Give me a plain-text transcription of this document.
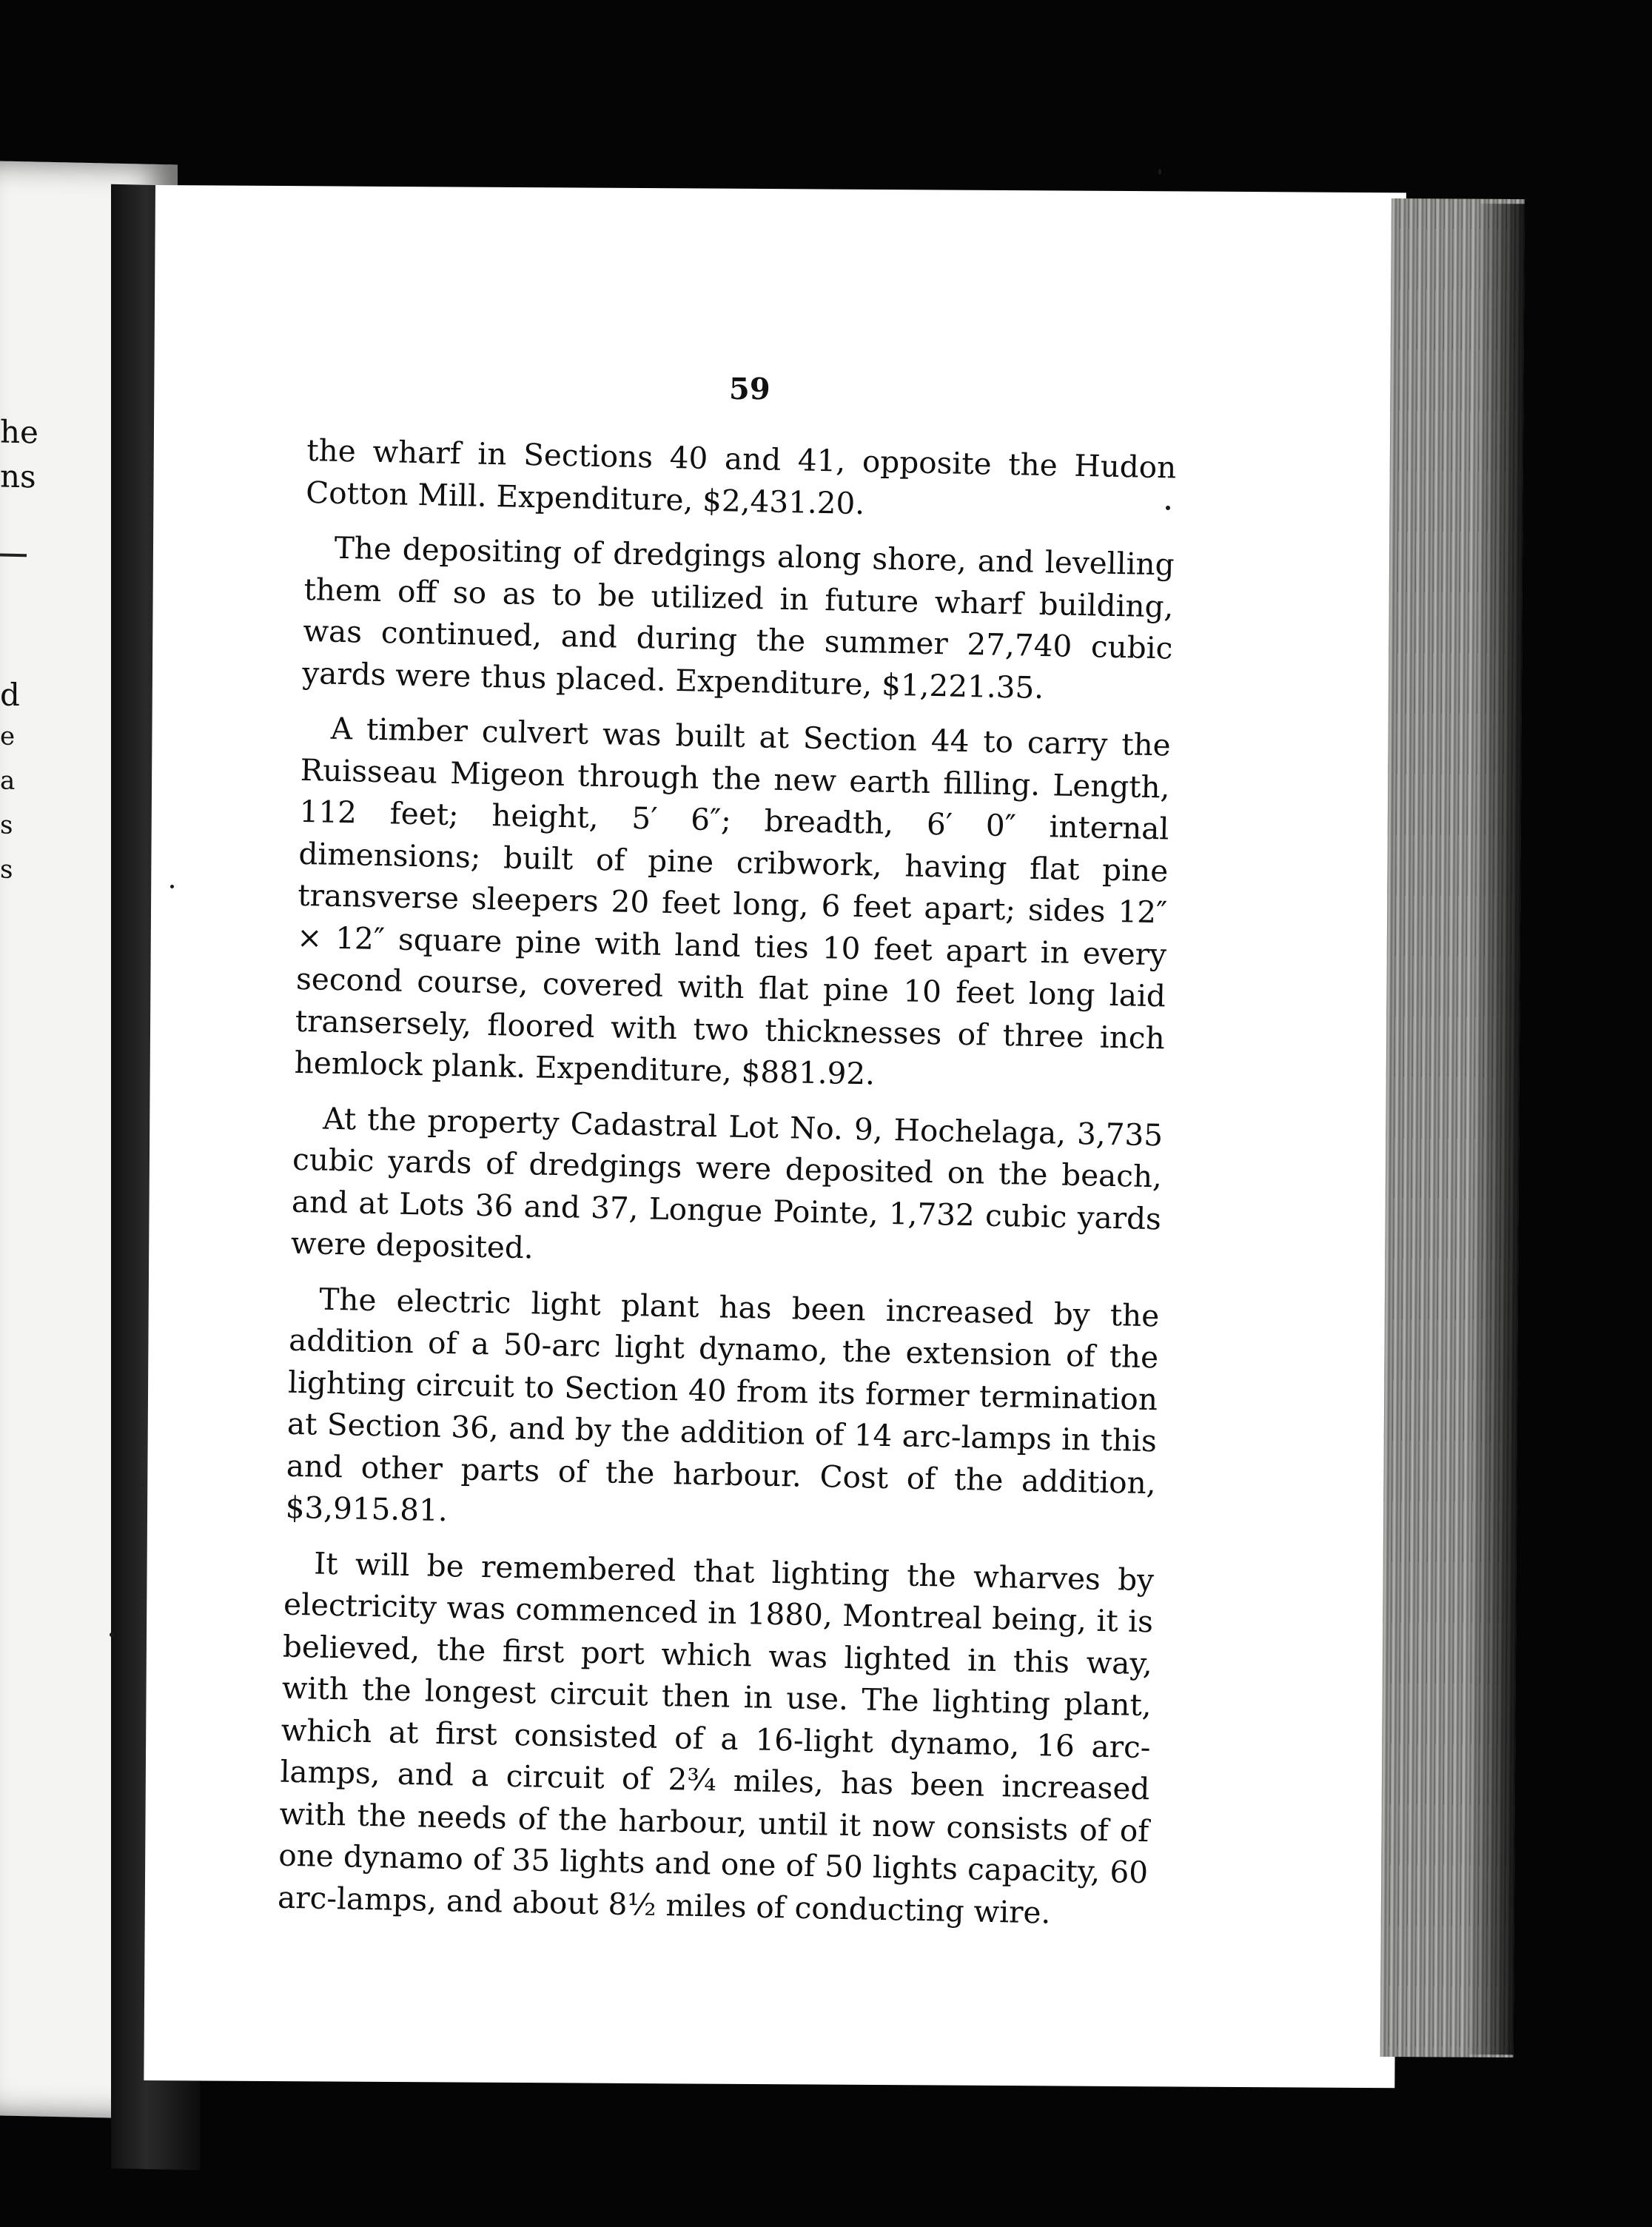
he
ns
d
e
a
s
s
59

the wharf in Sections 40 and 41, opposite the Hudon Cotton Mill. Expenditure, $2,431.20.

The depositing of dredgings along shore, and levelling them off so as to be utilized in future wharf building, was continued, and during the summer 27,740 cubic yards were thus placed. Expenditure, $1,221.35.

A timber culvert was built at Section 44 to carry the Ruisseau Migeon through the new earth filling. Length, 112 feet; height, 5′ 6″; breadth, 6′ 0″ internal dimensions; built of pine cribwork, having flat pine transverse sleepers 20 feet long, 6 feet apart; sides 12″ × 12″ square pine with land ties 10 feet apart in every second course, covered with flat pine 10 feet long laid transersely, floored with two thicknesses of three inch hemlock plank. Expenditure, $881.92.

At the property Cadastral Lot No. 9, Hochelaga, 3,735 cubic yards of dredgings were deposited on the beach, and at Lots 36 and 37, Longue Pointe, 1,732 cubic yards were deposited.

The electric light plant has been increased by the addition of a 50-arc light dynamo, the extension of the lighting circuit to Section 40 from its former termination at Section 36, and by the addition of 14 arc-lamps in this and other parts of the harbour. Cost of the addition, $3,915.81.

It will be remembered that lighting the wharves by electricity was commenced in 1880, Montreal being, it is believed, the first port which was lighted in this way, with the longest circuit then in use. The lighting plant, which at first consisted of a 16-light dynamo, 16 arc-lamps, and a circuit of 2¾ miles, has been increased with the needs of the harbour, until it now consists of of one dynamo of 35 lights and one of 50 lights capacity, 60 arc-lamps, and about 8½ miles of conducting wire.
